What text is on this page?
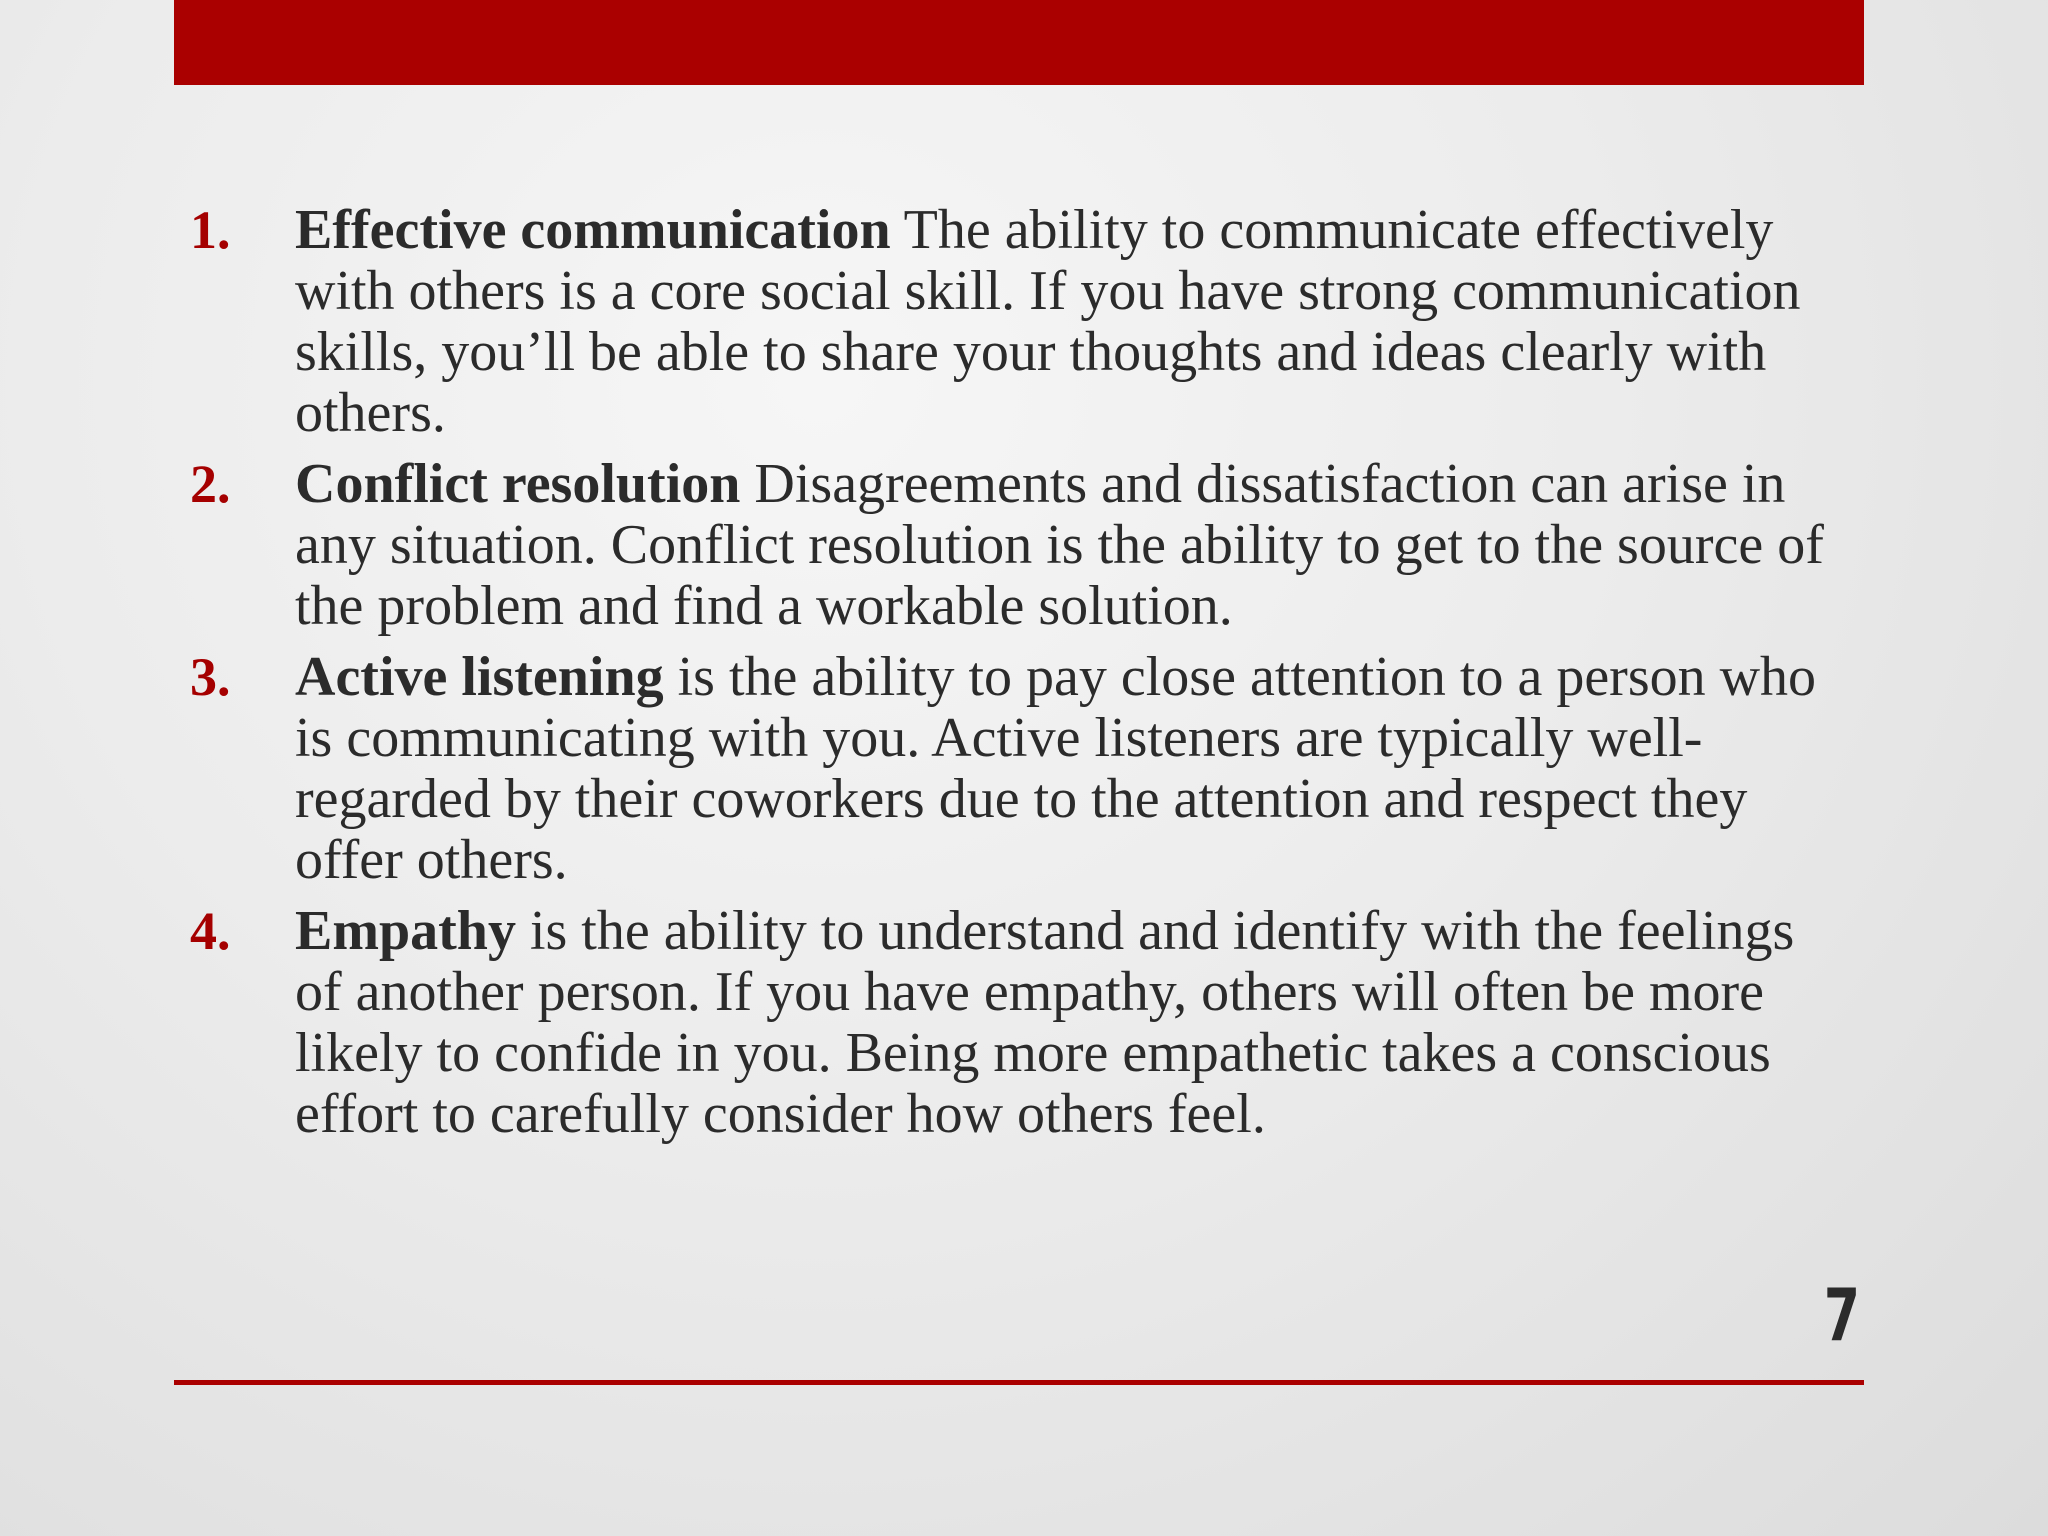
1.	Effective communication The ability to communicate effectively with others is a core social skill. If you have strong communication skills, you’ll be able to share your thoughts and ideas clearly with others.
2.	Conflict resolution Disagreements and dissatisfaction can arise in any situation. Conflict resolution is the ability to get to the source of the problem and find a workable solution.
3.	Active listening is the ability to pay close attention to a person who is communicating with you. Active listeners are typically well-regarded by their coworkers due to the attention and respect they offer others.
4.	Empathy is the ability to understand and identify with the feelings of another person. If you have empathy, others will often be more likely to confide in you. Being more empathetic takes a conscious effort to carefully consider how others feel.
7
